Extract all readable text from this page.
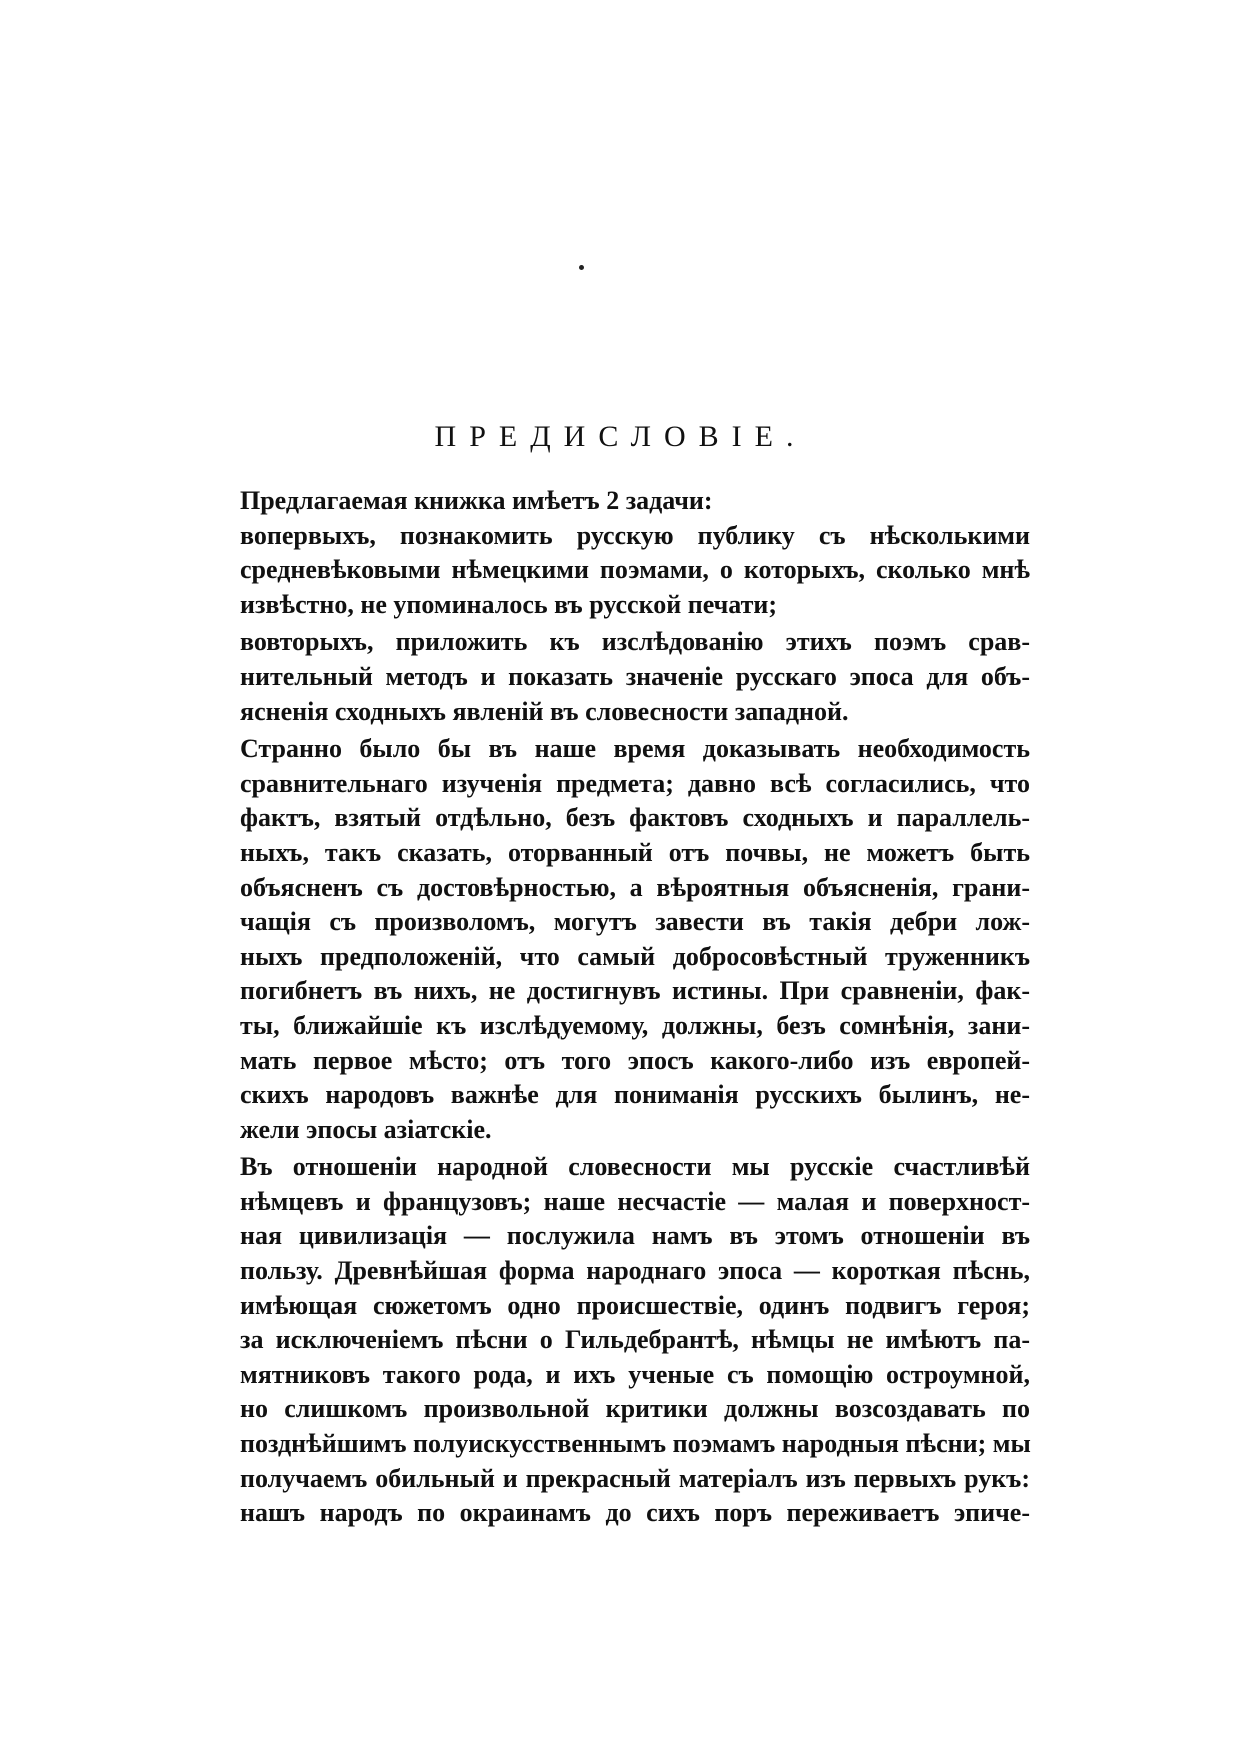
ПРЕДИСЛОВІЕ.
Предлагаемая книжка имѣетъ 2 задачи:
вопервыхъ, познакомить русскую публику съ нѣсколькими
средневѣковыми нѣмецкими поэмами, о которыхъ, сколько мнѣ
извѣстно, не упоминалось въ русской печати;
вовторыхъ, приложить къ изслѣдованію этихъ поэмъ срав-
нительный методъ и показать значеніе русскаго эпоса для объ-
ясненія сходныхъ явленій въ словесности западной.
Странно было бы въ наше время доказывать необходимость
сравнительнаго изученія предмета; давно всѣ согласились, что
фактъ, взятый отдѣльно, безъ фактовъ сходныхъ и параллель-
ныхъ, такъ сказать, оторванный отъ почвы, не можетъ быть
объясненъ съ достовѣрностью, а вѣроятныя объясненія, грани-
чащія съ произволомъ, могутъ завести въ такія дебри лож-
ныхъ предположеній, что самый добросовѣстный труженникъ
погибнетъ въ нихъ, не достигнувъ истины. При сравненіи, фак-
ты, ближайшіе къ изслѣдуемому, должны, безъ сомнѣнія, зани-
мать первое мѣсто; отъ того эпосъ какого-либо изъ европей-
скихъ народовъ важнѣе для пониманія русскихъ былинъ, не-
жели эпосы азіатскіе.
Въ отношеніи народной словесности мы русскіе счастливѣй
нѣмцевъ и французовъ; наше несчастіе — малая и поверхност-
ная цивилизація — послужила намъ въ этомъ отношеніи въ
пользу. Древнѣйшая форма народнаго эпоса — короткая пѣснь,
имѣющая сюжетомъ одно происшествіе, одинъ подвигъ героя;
за исключеніемъ пѣсни о Гильдебрантѣ, нѣмцы не имѣютъ па-
мятниковъ такого рода, и ихъ ученые съ помощію остроумной,
но слишкомъ произвольной критики должны возсоздавать по
позднѣйшимъ полуискусственнымъ поэмамъ народныя пѣсни; мы
получаемъ обильный и прекрасный матеріалъ изъ первыхъ рукъ:
нашъ народъ по окраинамъ до сихъ поръ переживаетъ эпиче-
